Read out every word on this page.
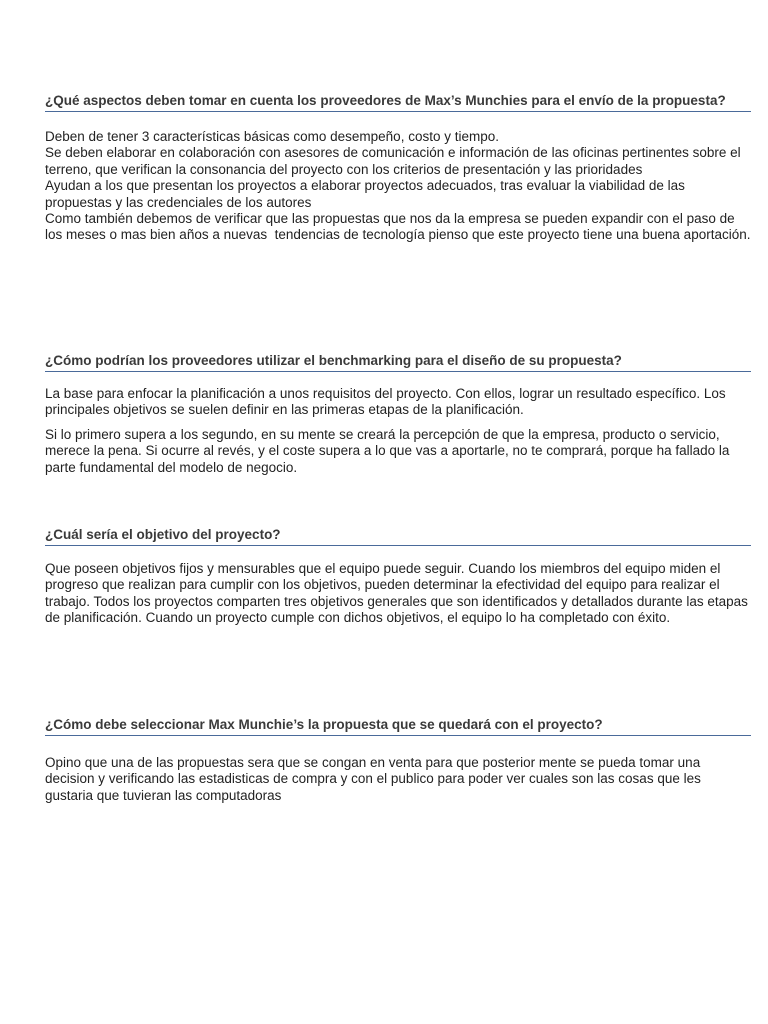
¿Qué aspectos deben tomar en cuenta los proveedores de Max’s Munchies para el envío de la propuesta?

Deben de tener 3 características básicas como desempeño, costo y tiempo.
Se deben elaborar en colaboración con asesores de comunicación e información de las oficinas pertinentes sobre el terreno, que verifican la consonancia del proyecto con los criterios de presentación y las prioridades
Ayudan a los que presentan los proyectos a elaborar proyectos adecuados, tras evaluar la viabilidad de las propuestas y las credenciales de los autores
Como también debemos de verificar que las propuestas que nos da la empresa se pueden expandir con el paso de los meses o mas bien años a nuevas  tendencias de tecnología pienso que este proyecto tiene una buena aportación.

¿Cómo podrían los proveedores utilizar el benchmarking para el diseño de su propuesta?

La base para enfocar la planificación a unos requisitos del proyecto. Con ellos, lograr un resultado específico. Los principales objetivos se suelen definir en las primeras etapas de la planificación.

Si lo primero supera a los segundo, en su mente se creará la percepción de que la empresa, producto o servicio, merece la pena. Si ocurre al revés, y el coste supera a lo que vas a aportarle, no te comprará, porque ha fallado la parte fundamental del modelo de negocio.

¿Cuál sería el objetivo del proyecto?

Que poseen objetivos fijos y mensurables que el equipo puede seguir. Cuando los miembros del equipo miden el progreso que realizan para cumplir con los objetivos, pueden determinar la efectividad del equipo para realizar el trabajo. Todos los proyectos comparten tres objetivos generales que son identificados y detallados durante las etapas de planificación. Cuando un proyecto cumple con dichos objetivos, el equipo lo ha completado con éxito.

¿Cómo debe seleccionar Max Munchie’s la propuesta que se quedará con el proyecto?

Opino que una de las propuestas sera que se congan en venta para que posterior mente se pueda tomar una decision y verificando las estadisticas de compra y con el publico para poder ver cuales son las cosas que les gustaria que tuvieran las computadoras
